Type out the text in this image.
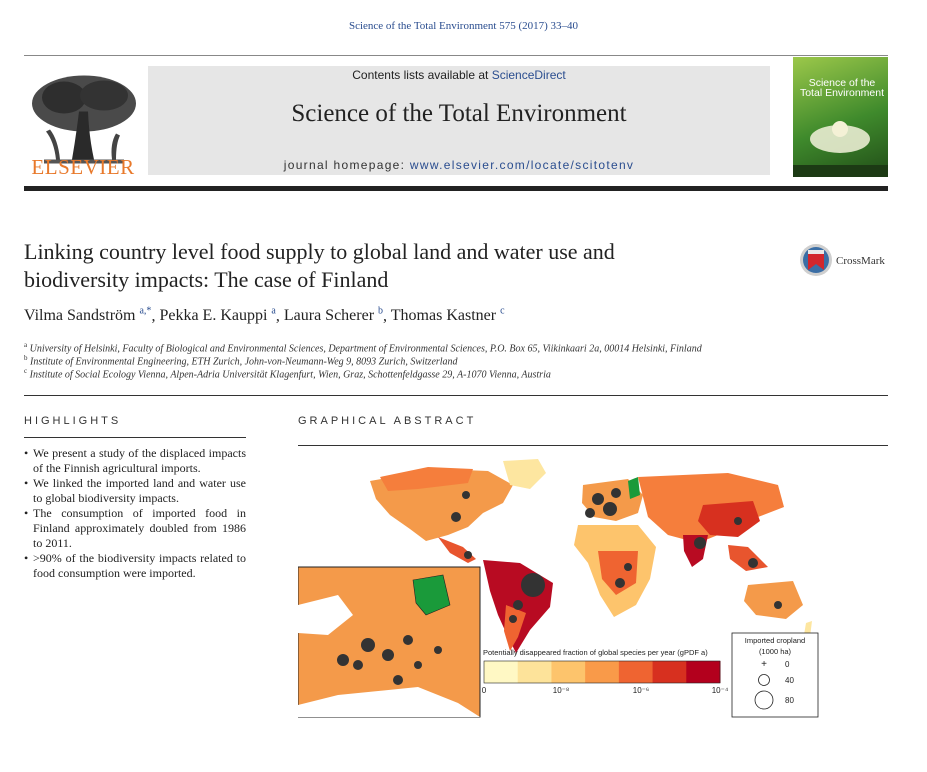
Science of the Total Environment 575 (2017) 33–40
ELSEVIER
Contents lists available at ScienceDirect
Science of the Total Environment
journal homepage: www.elsevier.com/locate/scitotenv
Science of the
Total Environment
Linking country level food supply to global land and water use and
biodiversity impacts: The case of Finland
CrossMark
Vilma Sandström $^{a,*}$, Pekka E. Kauppi $^a$, Laura Scherer $^b$, Thomas Kastner $^c$
$^a$ University of Helsinki, Faculty of Biological and Environmental Sciences, Department of Environmental Sciences, P.O. Box 65, Viikinkaari 2a, 00014 Helsinki, Finland
$^b$ Institute of Environmental Engineering, ETH Zurich, John-von-Neumann-Weg 9, 8093 Zurich, Switzerland
$^c$ Institute of Social Ecology Vienna, Alpen-Adria Universität Klagenfurt, Wien, Graz, Schottenfeldgasse 29, A-1070 Vienna, Austria
HIGHLIGHTS
• We present a study of the displaced impacts of the Finnish agricultural imports.
• We linked the imported land and water use to global biodiversity impacts.
• The consumption of imported food in Finland approximately doubled from 1986 to 2011.
• >90% of the biodiversity impacts related to food consumption were imported.
GRAPHICAL ABSTRACT
Potentially disappeared fraction of global species per year (gPDF a)
0	10⁻⁸	10⁻⁶	10⁻⁴
Imported cropland
(1000 ha)
+ 0
40
80
